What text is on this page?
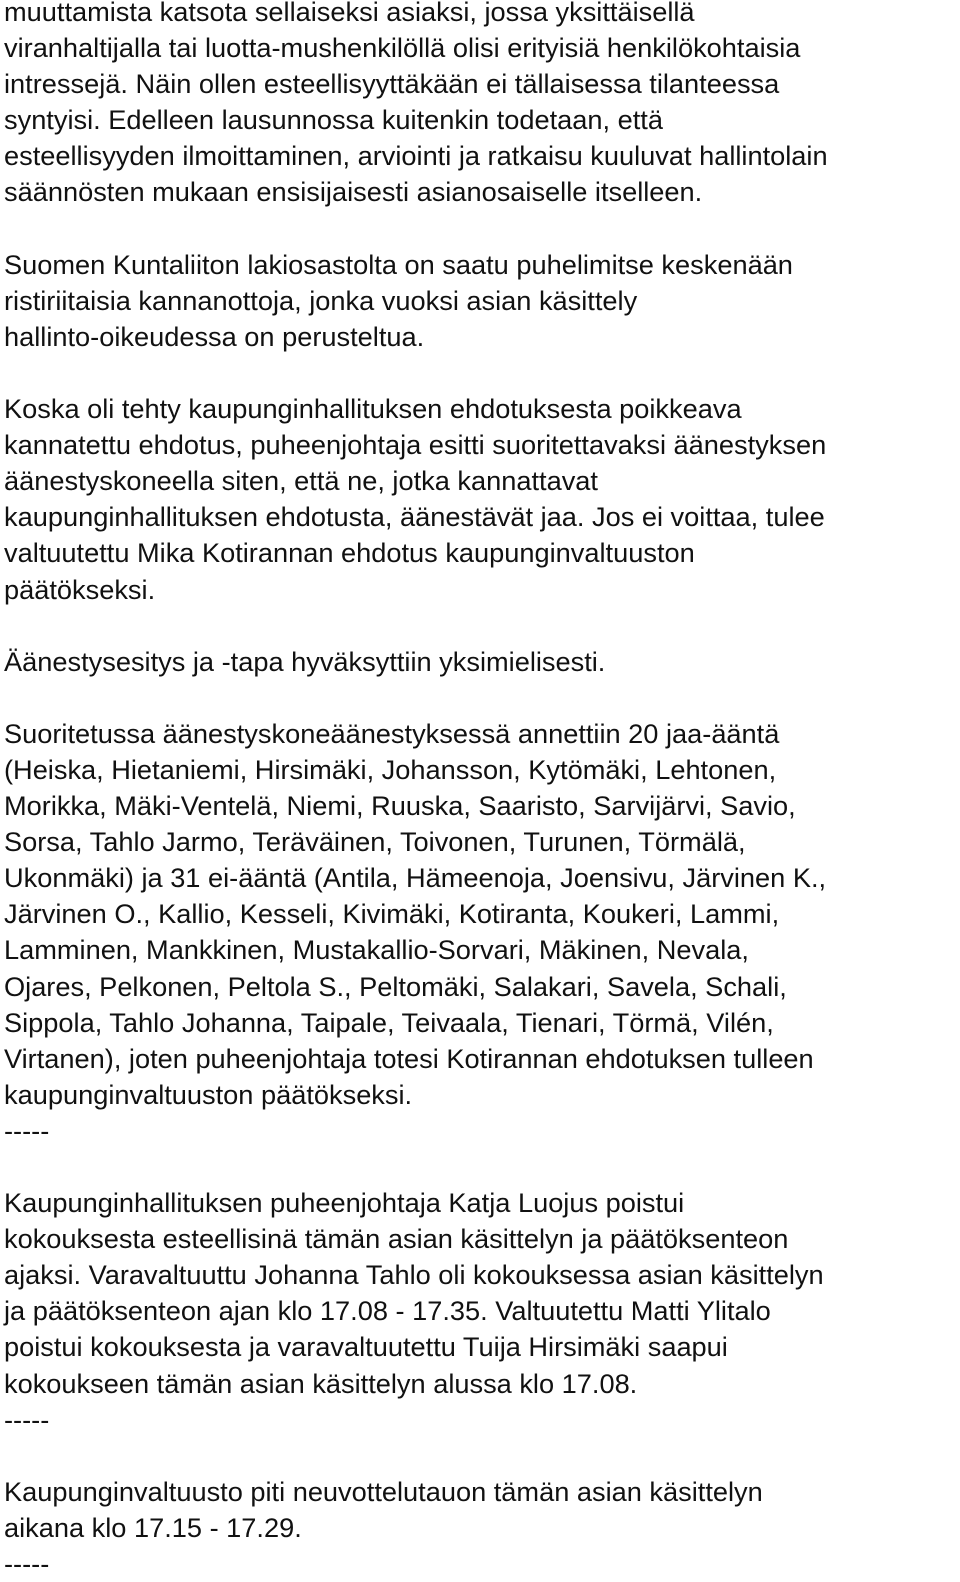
muuttamista katsota sellaiseksi asiaksi, jossa yksittäisellä
viranhaltijalla tai luotta-mushenkilöllä olisi erityisiä henkilökohtaisia
intressejä. Näin ollen esteellisyyttäkään ei tällaisessa tilanteessa
syntyisi. Edelleen lausunnossa kuitenkin todetaan, että
esteellisyyden ilmoittaminen, arviointi ja ratkaisu kuuluvat hallintolain
säännösten mukaan ensisijaisesti asianosaiselle itselleen.
Suomen Kuntaliiton lakiosastolta on saatu puhelimitse keskenään
ristiriitaisia kannanottoja, jonka vuoksi asian käsittely
hallinto-oikeudessa on perusteltua.
Koska oli tehty kaupunginhallituksen ehdotuksesta poikkeava
kannatettu ehdotus, puheenjohtaja esitti suoritettavaksi äänestyksen
äänestyskoneella siten, että ne, jotka kannattavat
kaupunginhallituksen ehdotusta, äänestävät jaa. Jos ei voittaa, tulee
valtuutettu Mika Kotirannan ehdotus kaupunginvaltuuston
päätökseksi.
Äänestysesitys ja -tapa hyväksyttiin yksimielisesti.
Suoritetussa äänestyskoneäänestyksessä annettiin 20 jaa-ääntä
(Heiska, Hietaniemi, Hirsimäki, Johansson, Kytömäki, Lehtonen,
Morikka, Mäki-Ventelä, Niemi, Ruuska, Saaristo, Sarvijärvi, Savio,
Sorsa, Tahlo Jarmo, Teräväinen, Toivonen, Turunen, Törmälä,
Ukonmäki) ja 31 ei-ääntä (Antila, Hämeenoja, Joensivu, Järvinen K.,
Järvinen O., Kallio, Kesseli, Kivimäki, Kotiranta, Koukeri, Lammi,
Lamminen, Mankkinen, Mustakallio-Sorvari, Mäkinen, Nevala,
Ojares, Pelkonen, Peltola S., Peltomäki, Salakari, Savela, Schali,
Sippola, Tahlo Johanna, Taipale, Teivaala, Tienari, Törmä, Vilén,
Virtanen), joten puheenjohtaja totesi Kotirannan ehdotuksen tulleen
kaupunginvaltuuston päätökseksi.
-----
Kaupunginhallituksen puheenjohtaja Katja Luojus poistui
kokouksesta esteellisinä tämän asian käsittelyn ja päätöksenteon
ajaksi. Varavaltuuttu Johanna Tahlo oli kokouksessa asian käsittelyn
ja päätöksenteon ajan klo 17.08 - 17.35. Valtuutettu Matti Ylitalo
poistui kokouksesta ja varavaltuutettu Tuija Hirsimäki saapui
kokoukseen tämän asian käsittelyn alussa klo 17.08.
-----
Kaupunginvaltuusto piti neuvottelutauon tämän asian käsittelyn
aikana klo 17.15 - 17.29.
-----
